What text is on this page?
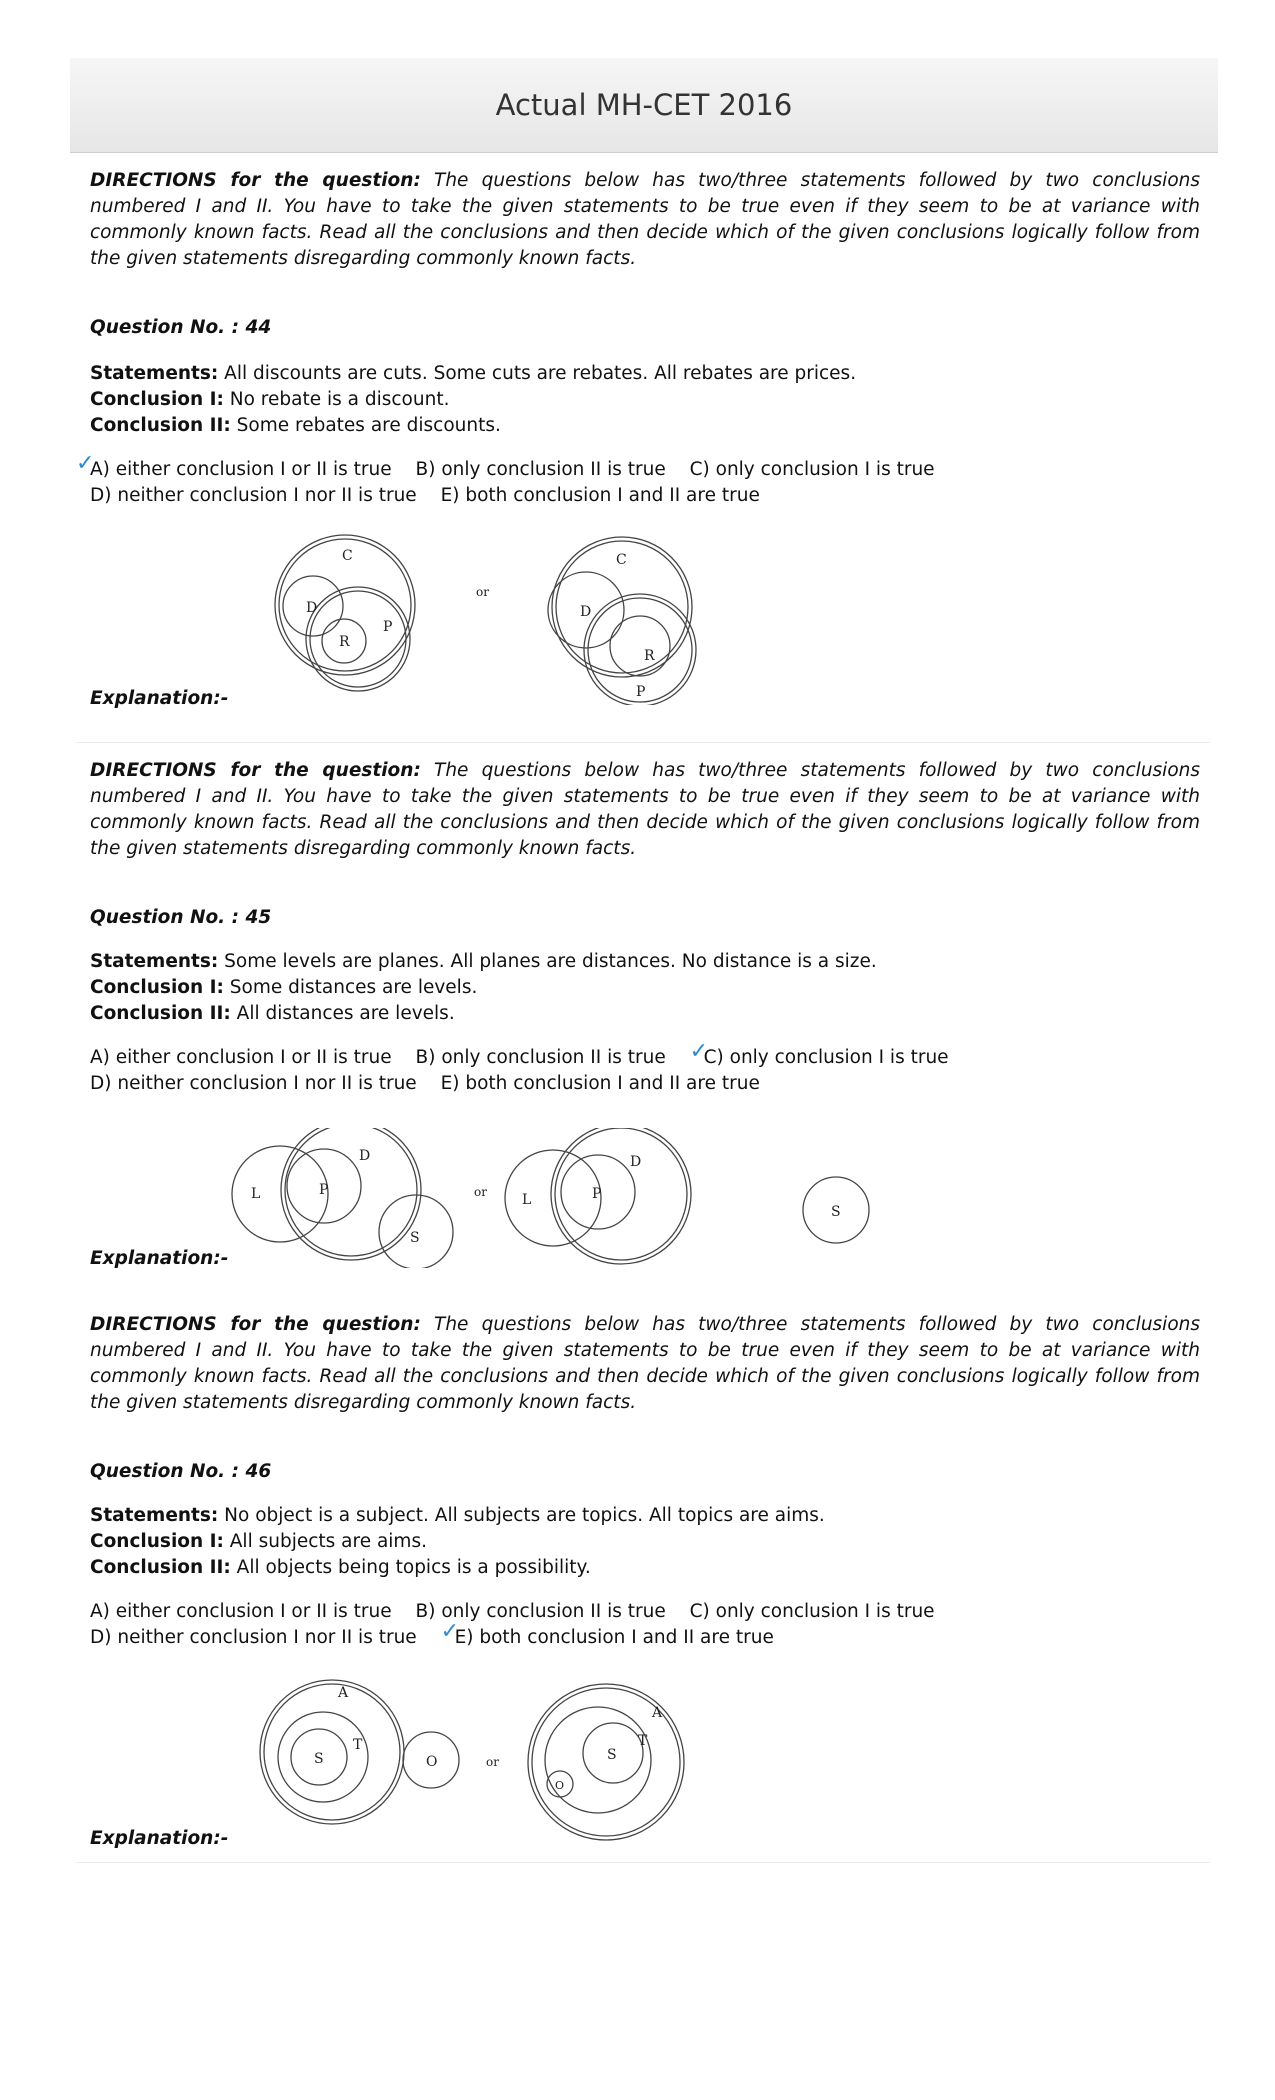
Actual MH-CET 2016

DIRECTIONS for the question: The questions below has two/three statements followed by two conclusions numbered I and II. You have to take the given statements to be true even if they seem to be at variance with commonly known facts. Read all the conclusions and then decide which of the given conclusions logically follow from the given statements disregarding commonly known facts.

Question No. : 44
Statements: All discounts are cuts. Some cuts are rebates. All rebates are prices.
Conclusion I: No rebate is a discount.
Conclusion II: Some rebates are discounts.
✓
A) either conclusion I or II is true B) only conclusion II is true C) only conclusion I is true
D) neither conclusion I nor II is true E) both conclusion I and II are true
D
C
R
P
or
C
D
R
P
Explanation:-

DIRECTIONS for the question: The questions below has two/three statements followed by two conclusions numbered I and II. You have to take the given statements to be true even if they seem to be at variance with commonly known facts. Read all the conclusions and then decide which of the given conclusions logically follow from the given statements disregarding commonly known facts.

Question No. : 45
Statements: Some levels are planes. All planes are distances. No distance is a size.
Conclusion I: Some distances are levels.
Conclusion II: All distances are levels.
A) either conclusion I or II is true B) only conclusion II is true ✓
C) only conclusion I is true
D) neither conclusion I nor II is true E) both conclusion I and II are true
L	P
D
S
or	L	P
D
S
Explanation:-

DIRECTIONS for the question: The questions below has two/three statements followed by two conclusions numbered I and II. You have to take the given statements to be true even if they seem to be at variance with commonly known facts. Read all the conclusions and then decide which of the given conclusions logically follow from the given statements disregarding commonly known facts.

Question No. : 46
Statements: No object is a subject. All subjects are topics. All topics are aims.
Conclusion I: All subjects are aims.
Conclusion II: All objects being topics is a possibility.
A) either conclusion I or II is true B) only conclusion II is true C) only conclusion I is true
D) neither conclusion I nor II is true ✓
E) both conclusion I and II are true
A
S
T
O	or
A
S
T
O
Explanation:-
